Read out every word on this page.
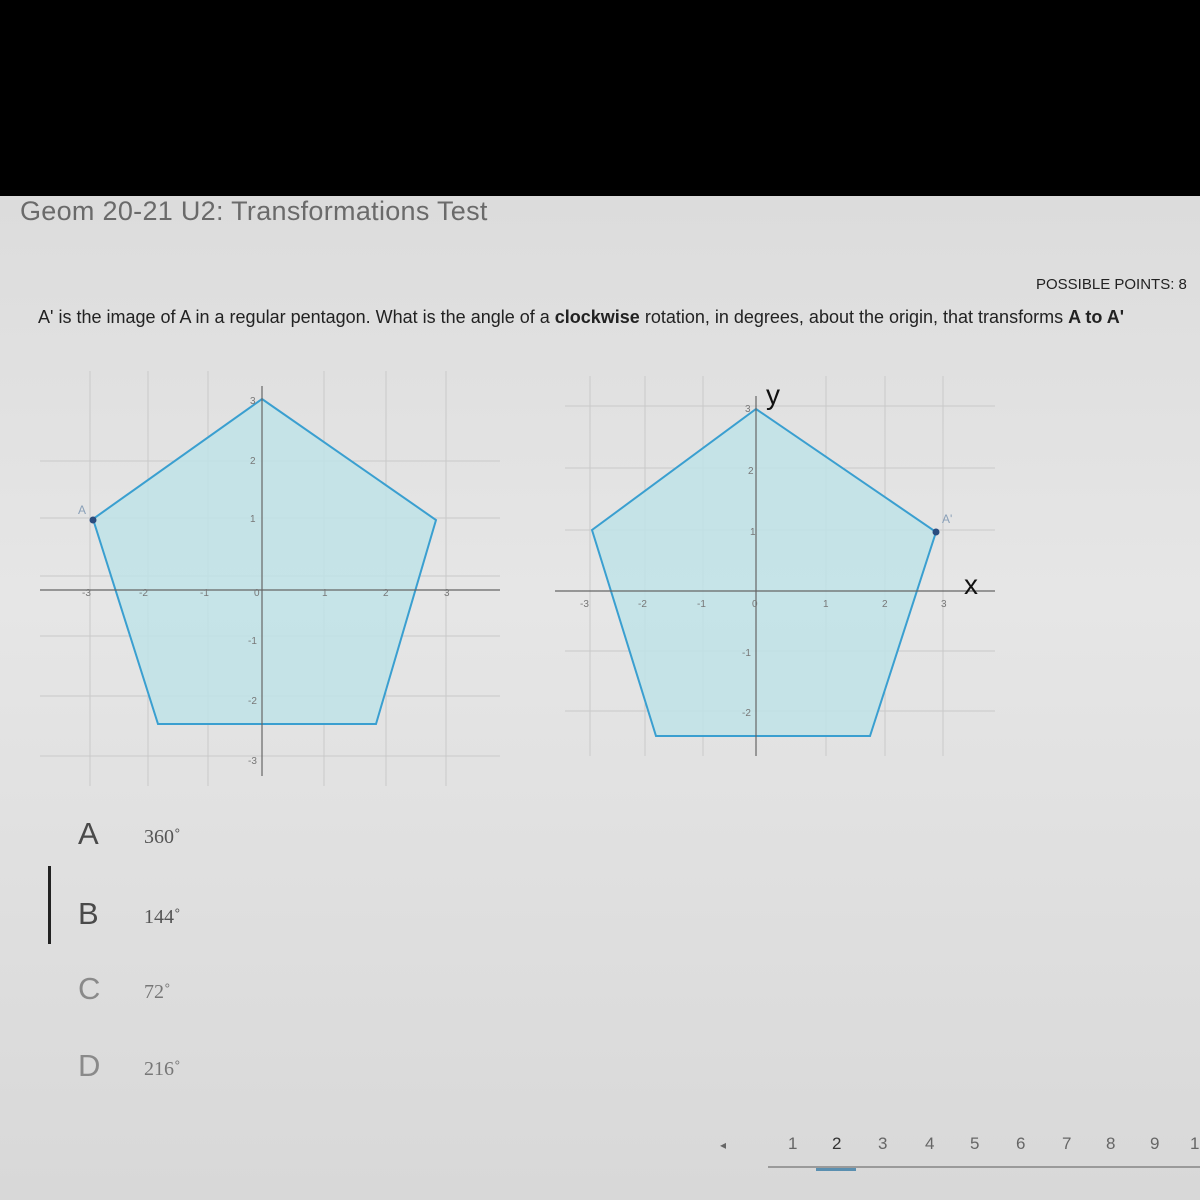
Geom 20-21 U2: Transformations Test
POSSIBLE POINTS: 8
A' is the image of A in a regular pentagon. What is the angle of a clockwise rotation, in degrees, about the origin, that transforms A to A'
A
-3	-2	-1	0	1	2	3
3
2
1
-1
-2
-3
A'
y
x
-3	-2	-1	0	1	2	3
3
2
1
-1
-2
A	360˚
B	144˚
C	72˚
D	216˚
◂	1 2 3 4 5 6 7 8 9 1
